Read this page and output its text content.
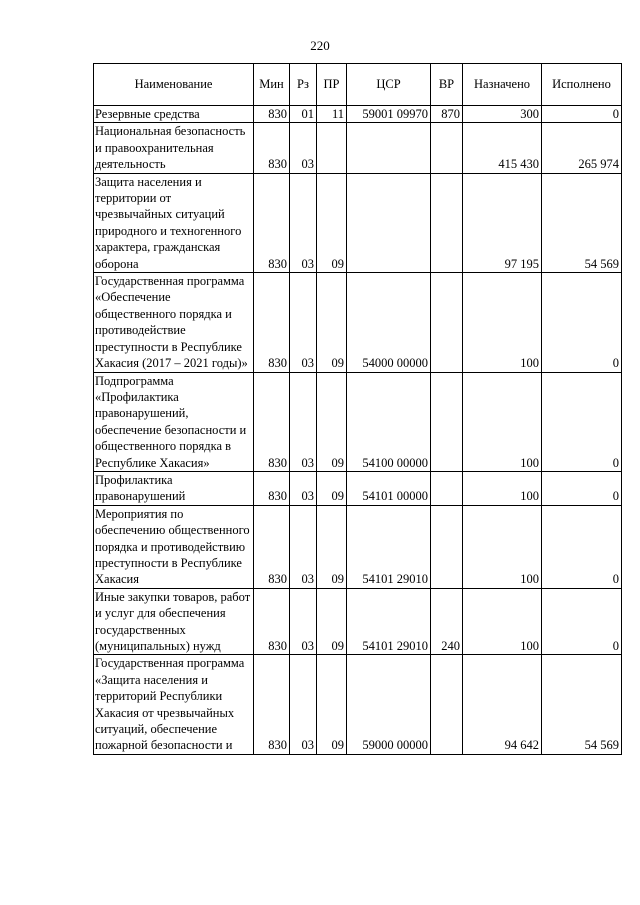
220
Наименование	Мин	Рз	ПР	ЦСР	ВР	Назначено	Исполнено
Резервные средства	830	01	11	59001 09970	870	300	0
Национальная безопасность и правоохранительная деятельность	830	03				415 430	265 974
Защита населения и территории от чрезвычайных ситуаций природного и техногенного характера, гражданская оборона	830	03	09			97 195	54 569
Государственная программа «Обеспечение общественного порядка и противодействие преступности в Республике Хакасия (2017 – 2021 годы)»	830	03	09	54000 00000		100	0
Подпрограмма «Профилактика правонарушений, обеспечение безопасности и общественного порядка в Республике Хакасия»	830	03	09	54100 00000		100	0
Профилактика правонарушений	830	03	09	54101 00000		100	0
Мероприятия по обеспечению общественного порядка и противодействию преступности в Республике Хакасия	830	03	09	54101 29010		100	0
Иные закупки товаров, работ и услуг для обеспечения государственных (муниципальных) нужд	830	03	09	54101 29010	240	100	0
Государственная программа «Защита населения и территорий Республики Хакасия от чрезвычайных ситуаций, обеспечение пожарной безопасности и	830	03	09	59000 00000		94 642	54 569
